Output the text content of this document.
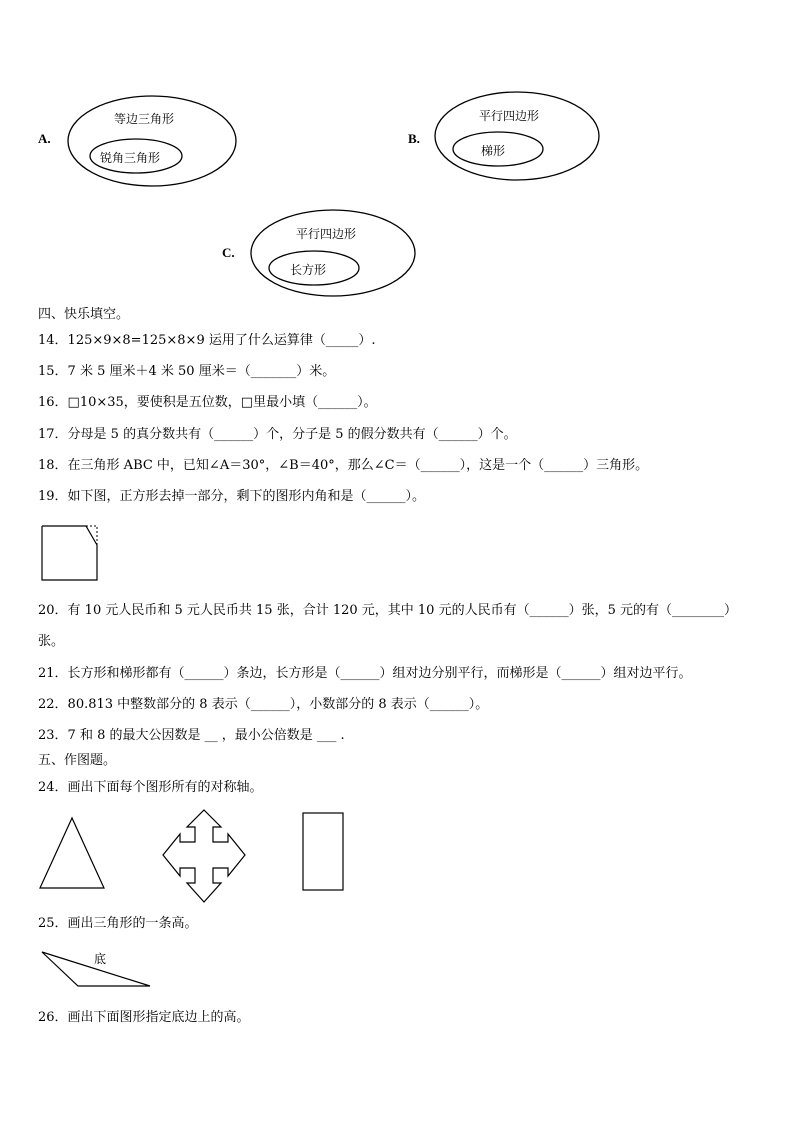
A.
等边三角形
锐角三角形
B.
平行四边形
梯形
C.
平行四边形
长方形
四、快乐填空。
14．125×9×8=125×8×9 运用了什么运算律（_____）.
15．7 米 5 厘米＋4 米 50 厘米＝（_______）米。
16．□10×35，要使积是五位数，□里最小填（______）。
17．分母是 5 的真分数共有（______）个，分子是 5 的假分数共有（______）个。
18．在三角形 ABC 中，已知∠A＝30°，∠B＝40°，那么∠C＝（______），这是一个（______）三角形。
19．如下图，正方形去掉一部分，剩下的图形内角和是（______）。
20．有 10 元人民币和 5 元人民币共 15 张，合计 120 元，其中 10 元的人民币有（______）张，5 元的有（________）
张。
21．长方形和梯形都有（______）条边，长方形是（______）组对边分别平行，而梯形是（______）组对边平行。
22．80.813 中整数部分的 8 表示（______），小数部分的 8 表示（______）。
23．7 和 8 的最大公因数是 __ ，最小公倍数是 ___ .
五、作图题。
24．画出下面每个图形所有的对称轴。
25．画出三角形的一条高。
底
26．画出下面图形指定底边上的高。
